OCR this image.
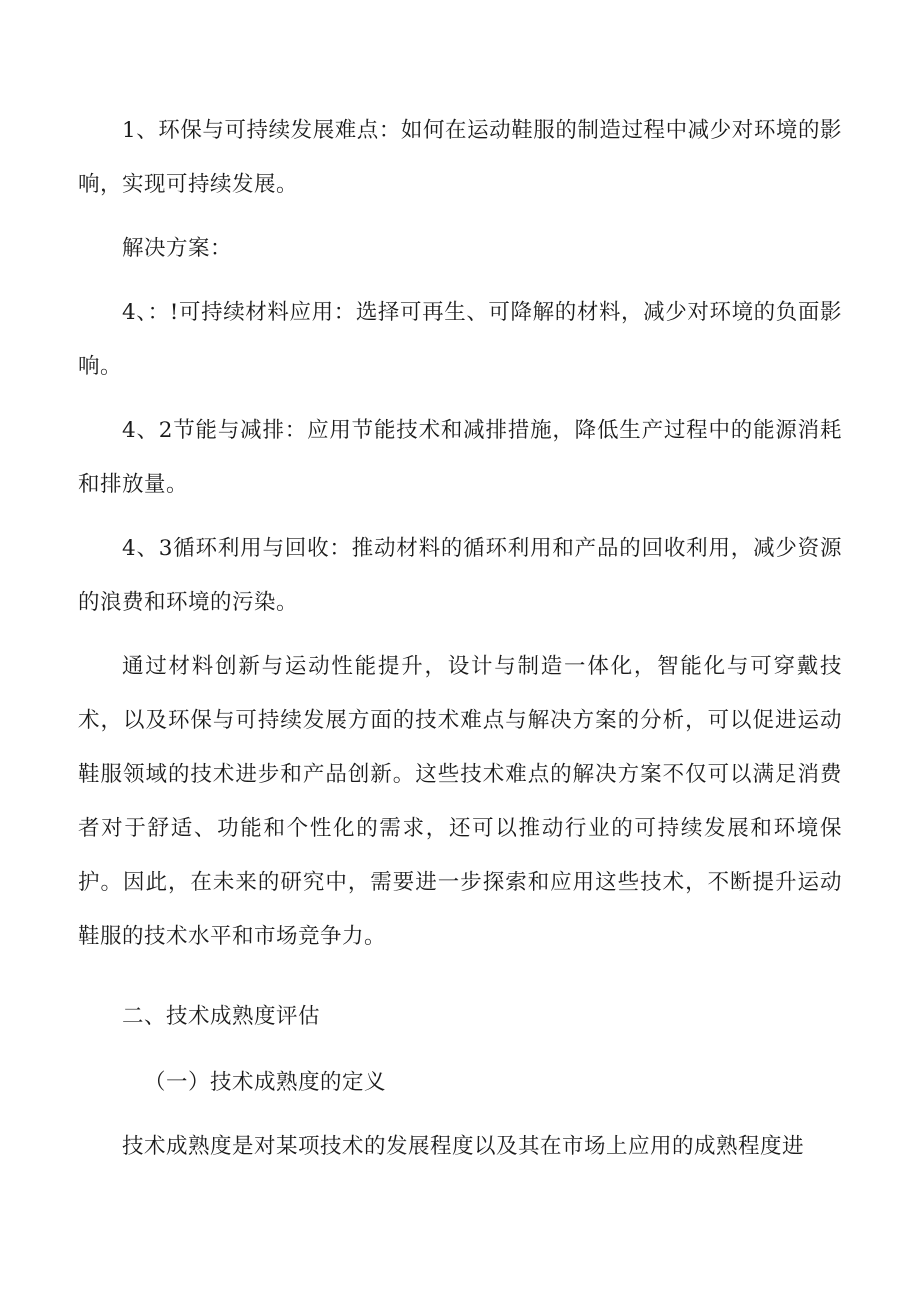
1、环保与可持续发展难点：如何在运动鞋服的制造过程中减少对环境的影响，实现可持续发展。

解决方案：

4、：!可持续材料应用：选择可再生、可降解的材料，减少对环境的负面影响。

4、2节能与减排：应用节能技术和减排措施，降低生产过程中的能源消耗和排放量。

4、3循环利用与回收：推动材料的循环利用和产品的回收利用，减少资源的浪费和环境的污染。

通过材料创新与运动性能提升，设计与制造一体化，智能化与可穿戴技术，以及环保与可持续发展方面的技术难点与解决方案的分析，可以促进运动鞋服领域的技术进步和产品创新。这些技术难点的解决方案不仅可以满足消费者对于舒适、功能和个性化的需求，还可以推动行业的可持续发展和环境保护。因此，在未来的研究中，需要进一步探索和应用这些技术，不断提升运动鞋服的技术水平和市场竞争力。

二、技术成熟度评估

（一）技术成熟度的定义

技术成熟度是对某项技术的发展程度以及其在市场上应用的成熟程度进
